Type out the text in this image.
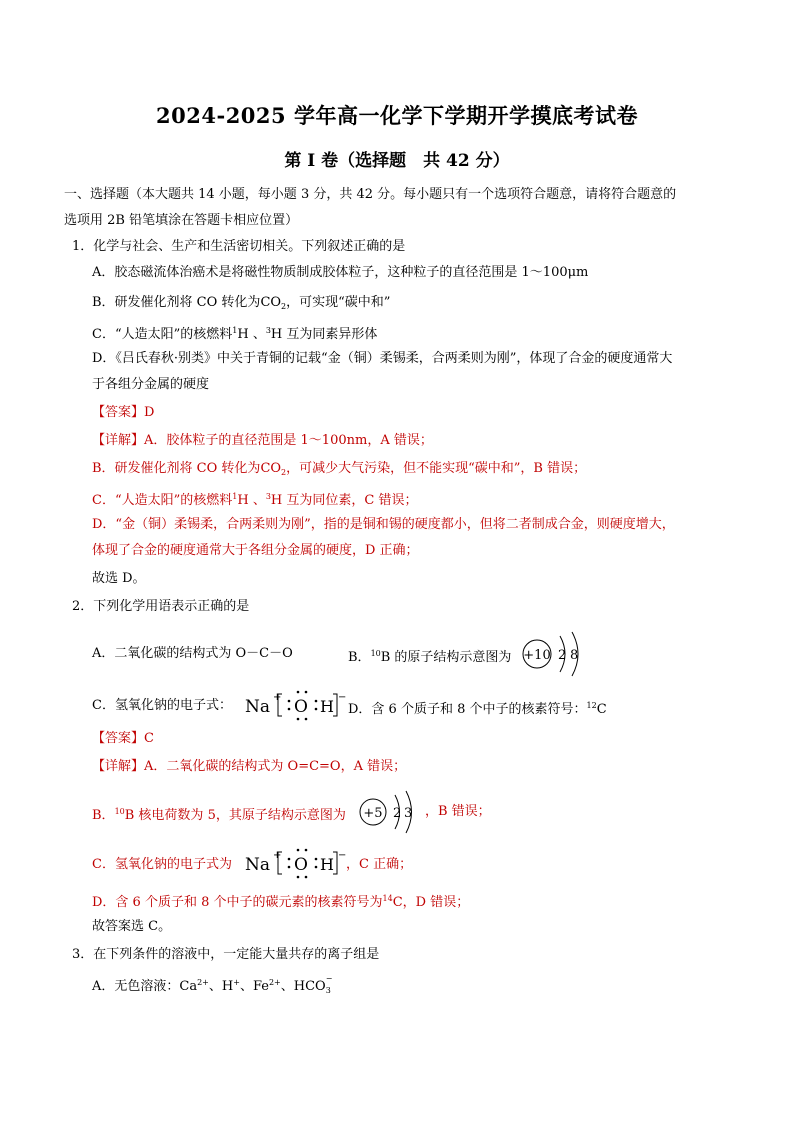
2024-2025 学年高一化学下学期开学摸底考试卷
第 I 卷（选择题　共 42 分）
一、选择题（本大题共 14 小题，每小题 3 分，共 42 分。每小题只有一个选项符合题意，请将符合题意的
选项用 2B 铅笔填涂在答题卡相应位置）
1．化学与社会、生产和生活密切相关。下列叙述正确的是
A．胶态磁流体治癌术是将磁性物质制成胶体粒子，这种粒子的直径范围是 1～100μm
B．研发催化剂将 CO 转化为$CO_2$，可实现“碳中和”
C．“人造太阳”的核燃料$^1$H 、$^3$H 互为同素异形体
D．《吕氏春秋·别类》中关于青铜的记载“金（铜）柔锡柔，合两柔则为刚”，体现了合金的硬度通常大
于各组分金属的硬度
【答案】D
【详解】A．胶体粒子的直径范围是 1～100nm，A 错误；
B．研发催化剂将 CO 转化为$CO_2$，可减少大气污染，但不能实现“碳中和”，B 错误；
C．“人造太阳”的核燃料$^1$H 、$^3$H 互为同位素，C 错误；
D．“金（铜）柔锡柔，合两柔则为刚”，指的是铜和锡的硬度都小，但将二者制成合金，则硬度增大，
体现了合金的硬度通常大于各组分金属的硬度，D 正确；
故选 D。
2．下列化学用语表示正确的是
A．二氧化碳的结构式为 O－C－O	B．$^{10}$B 的原子结构示意图为 +10 2 8
C．氢氧化钠的电子式： Na + O H −
D．含 6 个质子和 8 个中子的核素符号：$^{12}$C
【答案】C
【详解】A．二氧化碳的结构式为 O=C=O，A 错误；
B．$^{10}$B 核电荷数为 5，其原子结构示意图为 +5 2 3 ，B 错误；
C．氢氧化钠的电子式为 Na + O H −
，C 正确；
D．含 6 个质子和 8 个中子的碳元素的核素符号为$^{14}$C，D 错误；
故答案选 C。
3．在下列条件的溶液中，一定能大量共存的离子组是
A．无色溶液：$Ca^{2+}$、H+、$Fe^{2+}$、HCO
−
3
